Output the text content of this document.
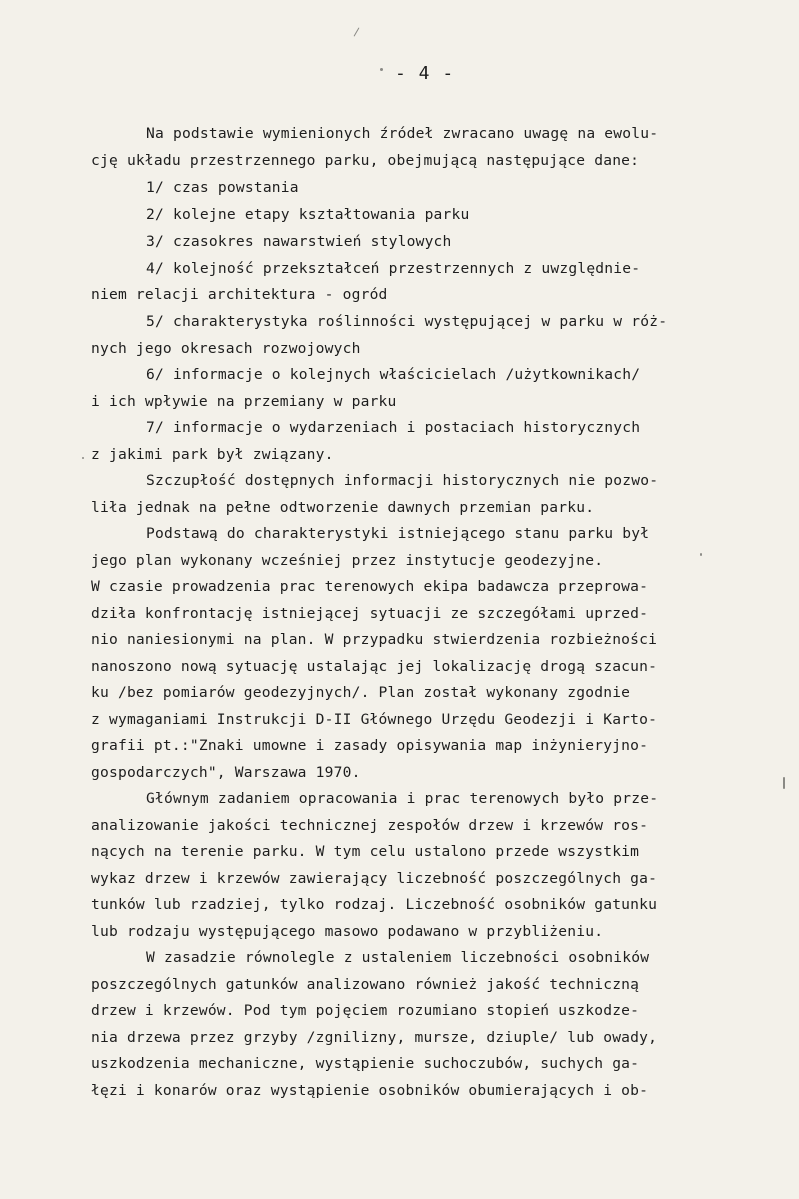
- 4 -
Na podstawie wymienionych źródeł zwracano uwagę na ewolu-
cję układu przestrzennego parku, obejmującą następujące dane:
1/ czas powstania
2/ kolejne etapy kształtowania parku
3/ czasokres nawarstwień stylowych
4/ kolejność przekształceń przestrzennych z uwzględnie-
niem relacji architektura - ogród
5/ charakterystyka roślinności występującej w parku w róż-
nych jego okresach rozwojowych
6/ informacje o kolejnych właścicielach /użytkownikach/
i ich wpływie na przemiany w parku
7/ informacje o wydarzeniach i postaciach historycznych
z jakimi park był związany.
Szczupłość dostępnych informacji historycznych nie pozwo-
liła jednak na pełne odtworzenie dawnych przemian parku.
Podstawą do charakterystyki istniejącego stanu parku był
jego plan wykonany wcześniej przez instytucje geodezyjne.
W czasie prowadzenia prac terenowych ekipa badawcza przeprowa-
dziła konfrontację istniejącej sytuacji ze szczegółami uprzed-
nio naniesionymi na plan. W przypadku stwierdzenia rozbieżności
nanoszono nową sytuację ustalając jej lokalizację drogą szacun-
ku /bez pomiarów geodezyjnych/. Plan został wykonany zgodnie
z wymaganiami Instrukcji D-II Głównego Urzędu Geodezji i Karto-
grafii pt.:"Znaki umowne i zasady opisywania map inżynieryjno-
gospodarczych", Warszawa 1970.
Głównym zadaniem opracowania i prac terenowych było prze-
analizowanie jakości technicznej zespołów drzew i krzewów ros-
nących na terenie parku. W tym celu ustalono przede wszystkim
wykaz drzew i krzewów zawierający liczebność poszczególnych ga-
tunków lub rzadziej, tylko rodzaj. Liczebność osobników gatunku
lub rodzaju występującego masowo podawano w przybliżeniu.
W zasadzie równolegle z ustaleniem liczebności osobników
poszczególnych gatunków analizowano również jakość techniczną
drzew i krzewów. Pod tym pojęciem rozumiano stopień uszkodze-
nia drzewa przez grzyby /zgnilizny, mursze, dziuple/ lub owady,
uszkodzenia mechaniczne, wystąpienie suchoczubów, suchych ga-
łęzi i konarów oraz wystąpienie osobników obumierających i ob-
